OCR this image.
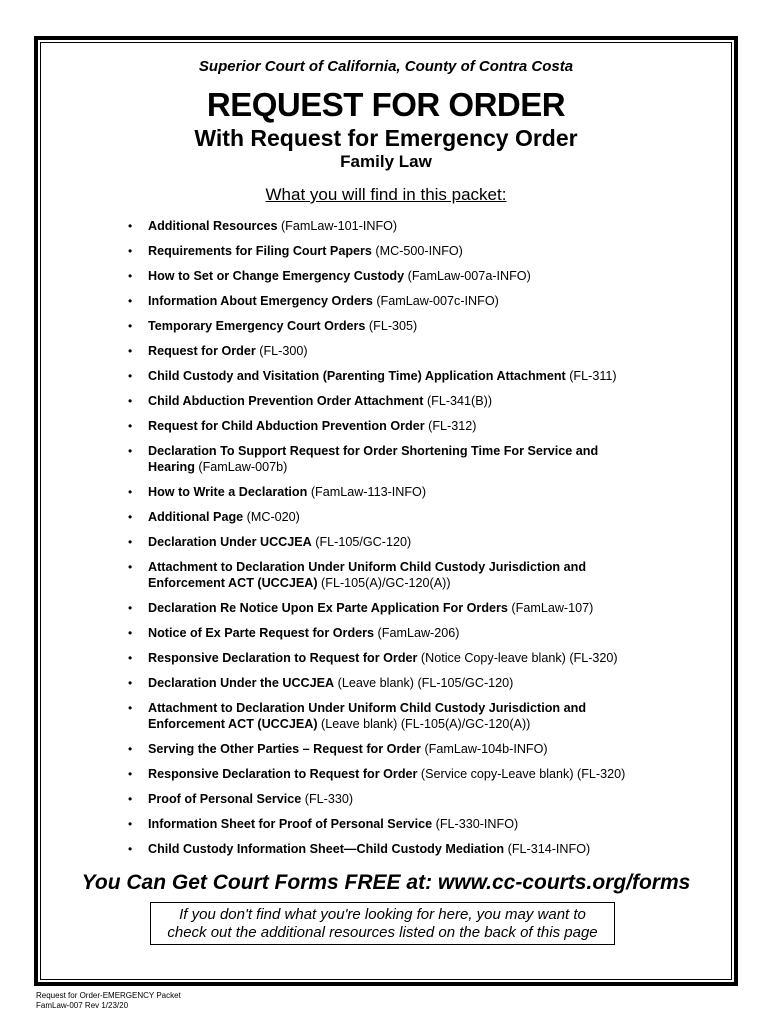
Superior Court of California, County of Contra Costa
REQUEST FOR ORDER
With Request for Emergency Order
Family Law
What you will find in this packet:
• Additional Resources (FamLaw-101-INFO)
• Requirements for Filing Court Papers (MC-500-INFO)
• How to Set or Change Emergency Custody (FamLaw-007a-INFO)
• Information About Emergency Orders (FamLaw-007c-INFO)
• Temporary Emergency Court Orders (FL-305)
• Request for Order (FL-300)
• Child Custody and Visitation (Parenting Time) Application Attachment (FL-311)
• Child Abduction Prevention Order Attachment (FL-341(B))
• Request for Child Abduction Prevention Order (FL-312)
• Declaration To Support Request for Order Shortening Time For Service and Hearing (FamLaw-007b)
• How to Write a Declaration (FamLaw-113-INFO)
• Additional Page (MC-020)
• Declaration Under UCCJEA (FL-105/GC-120)
• Attachment to Declaration Under Uniform Child Custody Jurisdiction and Enforcement ACT (UCCJEA) (FL-105(A)/GC-120(A))
• Declaration Re Notice Upon Ex Parte Application For Orders (FamLaw-107)
• Notice of Ex Parte Request for Orders (FamLaw-206)
• Responsive Declaration to Request for Order (Notice Copy-leave blank) (FL-320)
• Declaration Under the UCCJEA (Leave blank) (FL-105/GC-120)
• Attachment to Declaration Under Uniform Child Custody Jurisdiction and Enforcement ACT (UCCJEA) (Leave blank) (FL-105(A)/GC-120(A))
• Serving the Other Parties – Request for Order (FamLaw-104b-INFO)
• Responsive Declaration to Request for Order (Service copy-Leave blank) (FL-320)
• Proof of Personal Service (FL-330)
• Information Sheet for Proof of Personal Service (FL-330-INFO)
• Child Custody Information Sheet—Child Custody Mediation (FL-314-INFO)
You Can Get Court Forms FREE at: www.cc-courts.org/forms
If you don't find what you're looking for here, you may want to
check out the additional resources listed on the back of this page
Request for Order-EMERGENCY Packet
FamLaw-007 Rev 1/23/20
